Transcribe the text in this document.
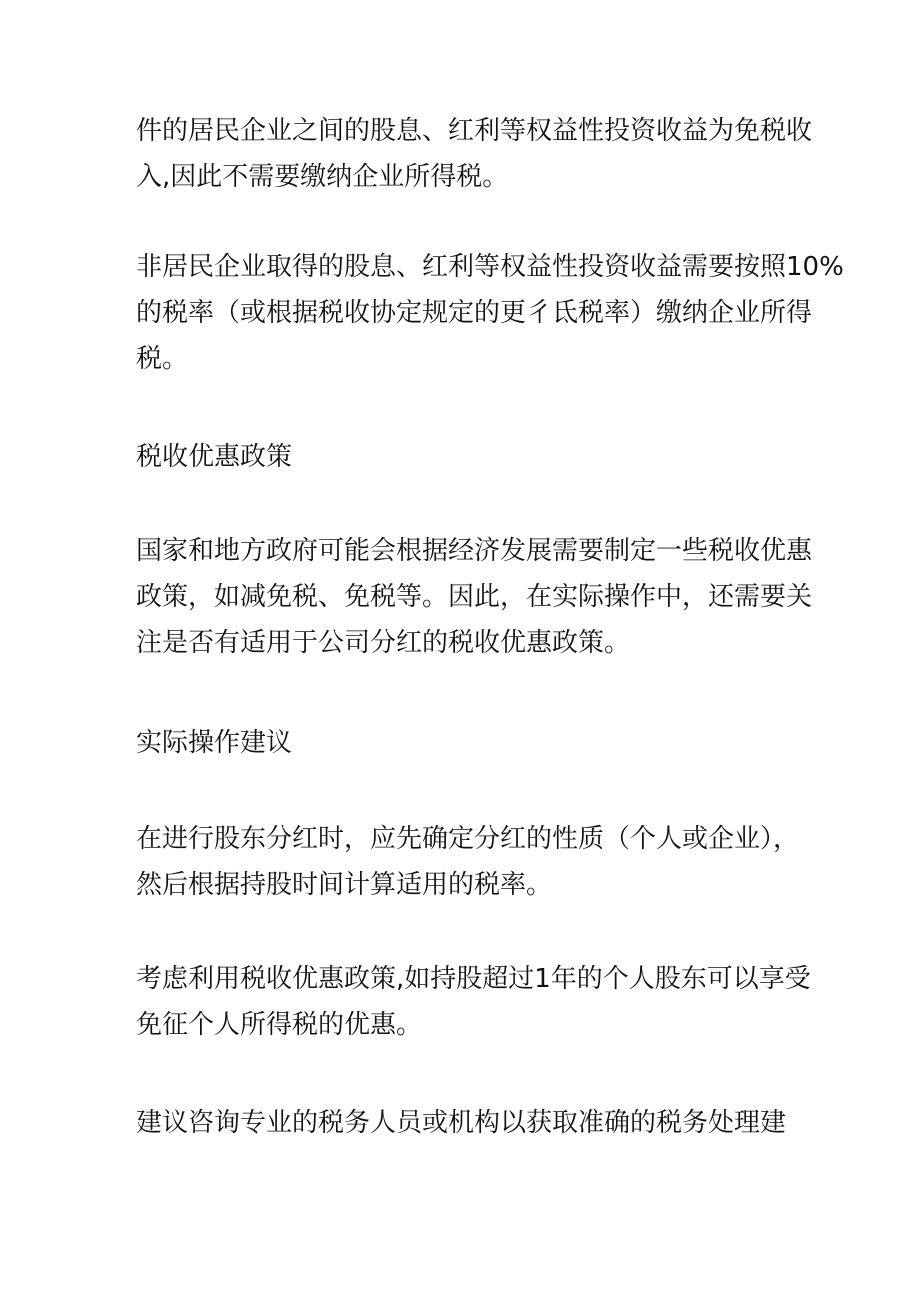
件的居民企业之间的股息、红利等权益性投资收益为免税收
入,因此不需要缴纳企业所得税。

非居民企业取得的股息、红利等权益性投资收益需要按照10%
的税率（或根据税收协定规定的更彳氐税率）缴纳企业所得
税。

税收优惠政策

国家和地方政府可能会根据经济发展需要制定一些税收优惠
政策，如减免税、免税等。因此，在实际操作中，还需要关
注是否有适用于公司分红的税收优惠政策。

实际操作建议

在进行股东分红时，应先确定分红的性质（个人或企业），
然后根据持股时间计算适用的税率。

考虑利用税收优惠政策,如持股超过1年的个人股东可以享受
免征个人所得税的优惠。

建议咨询专业的税务人员或机构以获取准确的税务处理建
